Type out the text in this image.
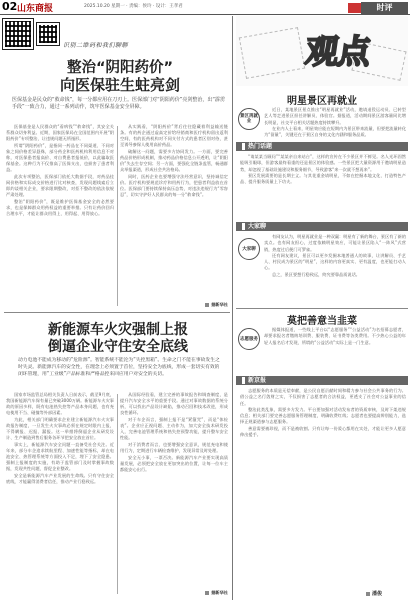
02 山东商报	2025.10.20 星期一 · 责编：侯玲 · 设计：王孝君	时评
识别二维码和我们聊聊
整治“阴阳药价”
向医保驻生蛀亮剑

医保基金是民众的“救命钱”，每一分都应用在刀刃上。医保部门对“阴阳药价”亮剑整治，出“霹雳手段”一致合力，通过一系列动作，筑牢医保基金安全屏障。

医保基金是人民群众的“看病钱”“救命钱”，其安全关系群众切身利益。近期，国家医保局在全国范围内开展“阴阳药价”专项整治，让违规问题无所遁形。

所谓“阴阳药价”，是指同一药品在不同渠道、不同对象之间价格差异悬殊，部分药企和医药机构利用信息不对称，对医保患者报高价、对自费患者报低价，以此骗取医保基金。这种行为不仅推高了医保支出，也损害了患者利益。

此次专项整治，医保部门依托大数据手段，对药品挂网价格和实际成交价格进行比对核查，发现问题线索后立即约谈相关企业，要求限期整改，对拒不整改的依法依规严肃处理。

整治“阴阳药价”，既是维护医保基金安全的必然要求，也是保障群众用药权益的重要举措。只有让药价回归合理水平，才能让群众用得上、用得起、用得放心。

从实践看，“阴阳药价”背后往往隐藏着利益输送链条。有的药企通过虚高定价给经销商和医疗机构留出返利空间，有的医药机构对不同支付方式的患者区别对待，甚至诱导参保人使用高价药品。

破解这一问题，需要多方协同发力。一方面，要完善药品价格形成机制，推动药品价格信息公开透明，让“阴阳价”失去生存空间；另一方面，要强化全链条监管，畅通群众举报渠道，形成社会共治格局。

同时，医药企业也要增强守法经营意识，坚持诚信定价。医疗机构要规范诊疗和用药行为，把患者利益放在首位。医保部门要持续保持高压态势，对违法违规行为“零容忍”，切实守护好人民群众的每一分“救命钱”。

据新华社
新能源车火灾强制上报
倒逼企业守住安全底线
动力电池不能成为移动的“危险源”。智能系统不能沦为“失控黑箱”。生命之门不能在事故发生之时失灵。新能源汽车的安全性，在理念上必须置于首位，坚持安全为底线，形成一套切实有效的闭环管理，用“工业级”产品标准和严格品控来回应用户对安全的关切。

国家市场监管总局相关负责人日前表示，截至9月底，我国新能源汽车保有量已突破3000万辆。新能源车火灾事故的原因多样，既有电池热失控等产品本身问题，也有充电使用不当、碰撞等外部因素。

为此，相关部门明确要求企业建立新能源汽车火灾事故报告制度，一旦发生火灾事故必须在规定时限内上报，不得瞒报、迟报、漏报。这一举措将倒逼企业从研发设计、生产制造到售后服务各环节把安全放在首位。

事实上，新能源汽车安全问题一直备受社会关注。近年来，部分车企追求续航里程、加速性能等指标，却在电池安全、热管理系统等方面投入不足，埋下了安全隐患。强制上报制度的实施，有助于监管部门及时掌握事故数据，发现共性问题，督促企业整改。

安全是新能源汽车产业发展的生命线。只有守住安全底线，才能赢得消费者信任，推动产业行稳致远。

从国际经验看，建立完善的事故报告和调查制度，是提升汽车安全水平的重要手段。通过对事故数据的系统分析，可以找出产品设计缺陷，推动召回和技术改进，形成良性循环。

对于车企而言，强制上报不是“紧箍咒”，而是“体检表”。企业应正视问题、主动作为，加大安全技术研发投入，完善电池管理系统和热失控预警功能，提升整车安全性能。

对于消费者而言，也要增强安全意识，规范充电和使用行为，定期进行车辆检查维护，发现异常及时处理。

安全无小事，一票否决。新能源汽车产业要实现高质量发展，必须把安全放在更加突出的位置，让每一位车主都能安心出行。

据新华社
观点
明星景区再就业
景区再就业

近日，某地景区景点推出“明星再就业”活动，邀请退役运动员、已转型艺人等走进景区担任讲解员、体验官。据报道，活动期间景区游客量同比增长明显，社交平台相关话题热度持续攀升。

在业内人士看来，明星效应能在短期内为景区带来流量，但要把流量转化为“留量”，关键还在于景区自身的文化内涵和服务品质。

热门话题

“请某某当顾问”“某某亲自来站台”，这样的宣传在不少景区并不鲜见。名人光环固然能吸引眼球，但游客最终看重的还是景区的体验感。一些景区把大量资源用于邀请明星造势，却忽视了基础设施建设和服务细节，导致游客“来一次就不想再来”。

景区发展需要的是长期主义。与其花重金请明星，不如在挖掘本地文化、打造特色产品、提升服务质量上下功夫。

大家聊
大家聊

有网友认为，明星再就业是一种双赢：明星有了新的舞台，景区有了新的卖点。也有网友担心，过度依赖明星效应，可能让景区陷入“一阵风”式营销，热度过后便门可罗雀。

还有网友建议，景区可以更多发掘本地普通人的故事，让讲解员、手艺人、村民成为景区的“明星”，这样的内容更真实、更有温度，也更能打动人心。

总之，景区要想行稳致远，终究要靠品质说话。

莫把善意当韭菜
志愿服务

据媒体报道，一些线上平台以“志愿服务”“公益活动”为名招募志愿者，却要求报名者缴纳培训费、服装费、证书费等各类费用。不少热心公益的年轻人报名后才发现，所谓的“公益活动”实际上是一门生意。

新京报

志愿服务的本质是无偿奉献，是公民自愿贡献时间和精力参与社会公共事务的行为。借公益之名行敛财之实，不仅损害了志愿者的合法权益，更透支了社会对公益事业的信任。

整治此类乱象，需要多方发力。平台要加强对活动发布者的资质审核，及时下架违规信息；相关部门要完善志愿服务管理制度，明确收费红线；志愿者也要提高辨别能力，选择正规渠道参与志愿服务。

善意需要被珍视，而不是被收割。只有让每一份爱心都用在实处，才能让更多人愿意伸出援手。

潘俊
